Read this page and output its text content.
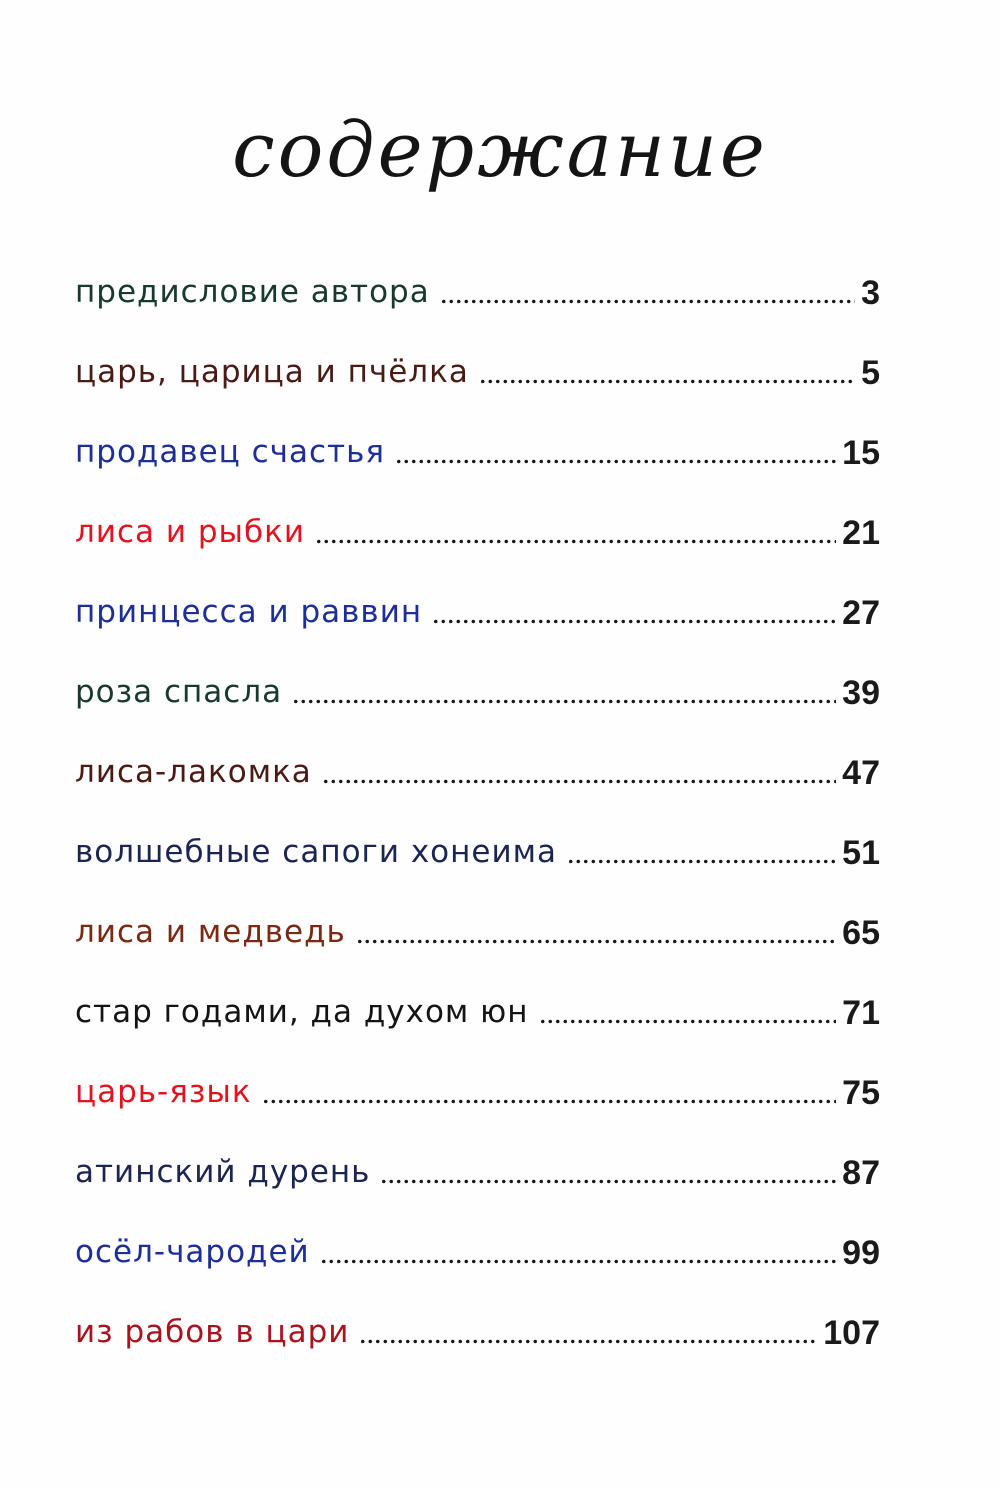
содержание
предисловие автора	3
царь, царица и пчёлка	5
продавец счастья	15
лиса и рыбки	21
принцесса и раввин	27
роза спасла	39
лиса-лакомка	47
волшебные сапоги хонеима	51
лиса и медведь	65
стар годами, да духом юн	71
царь-язык	75
атинский дурень	87
осёл-чародей	99
из рабов в цари	107
